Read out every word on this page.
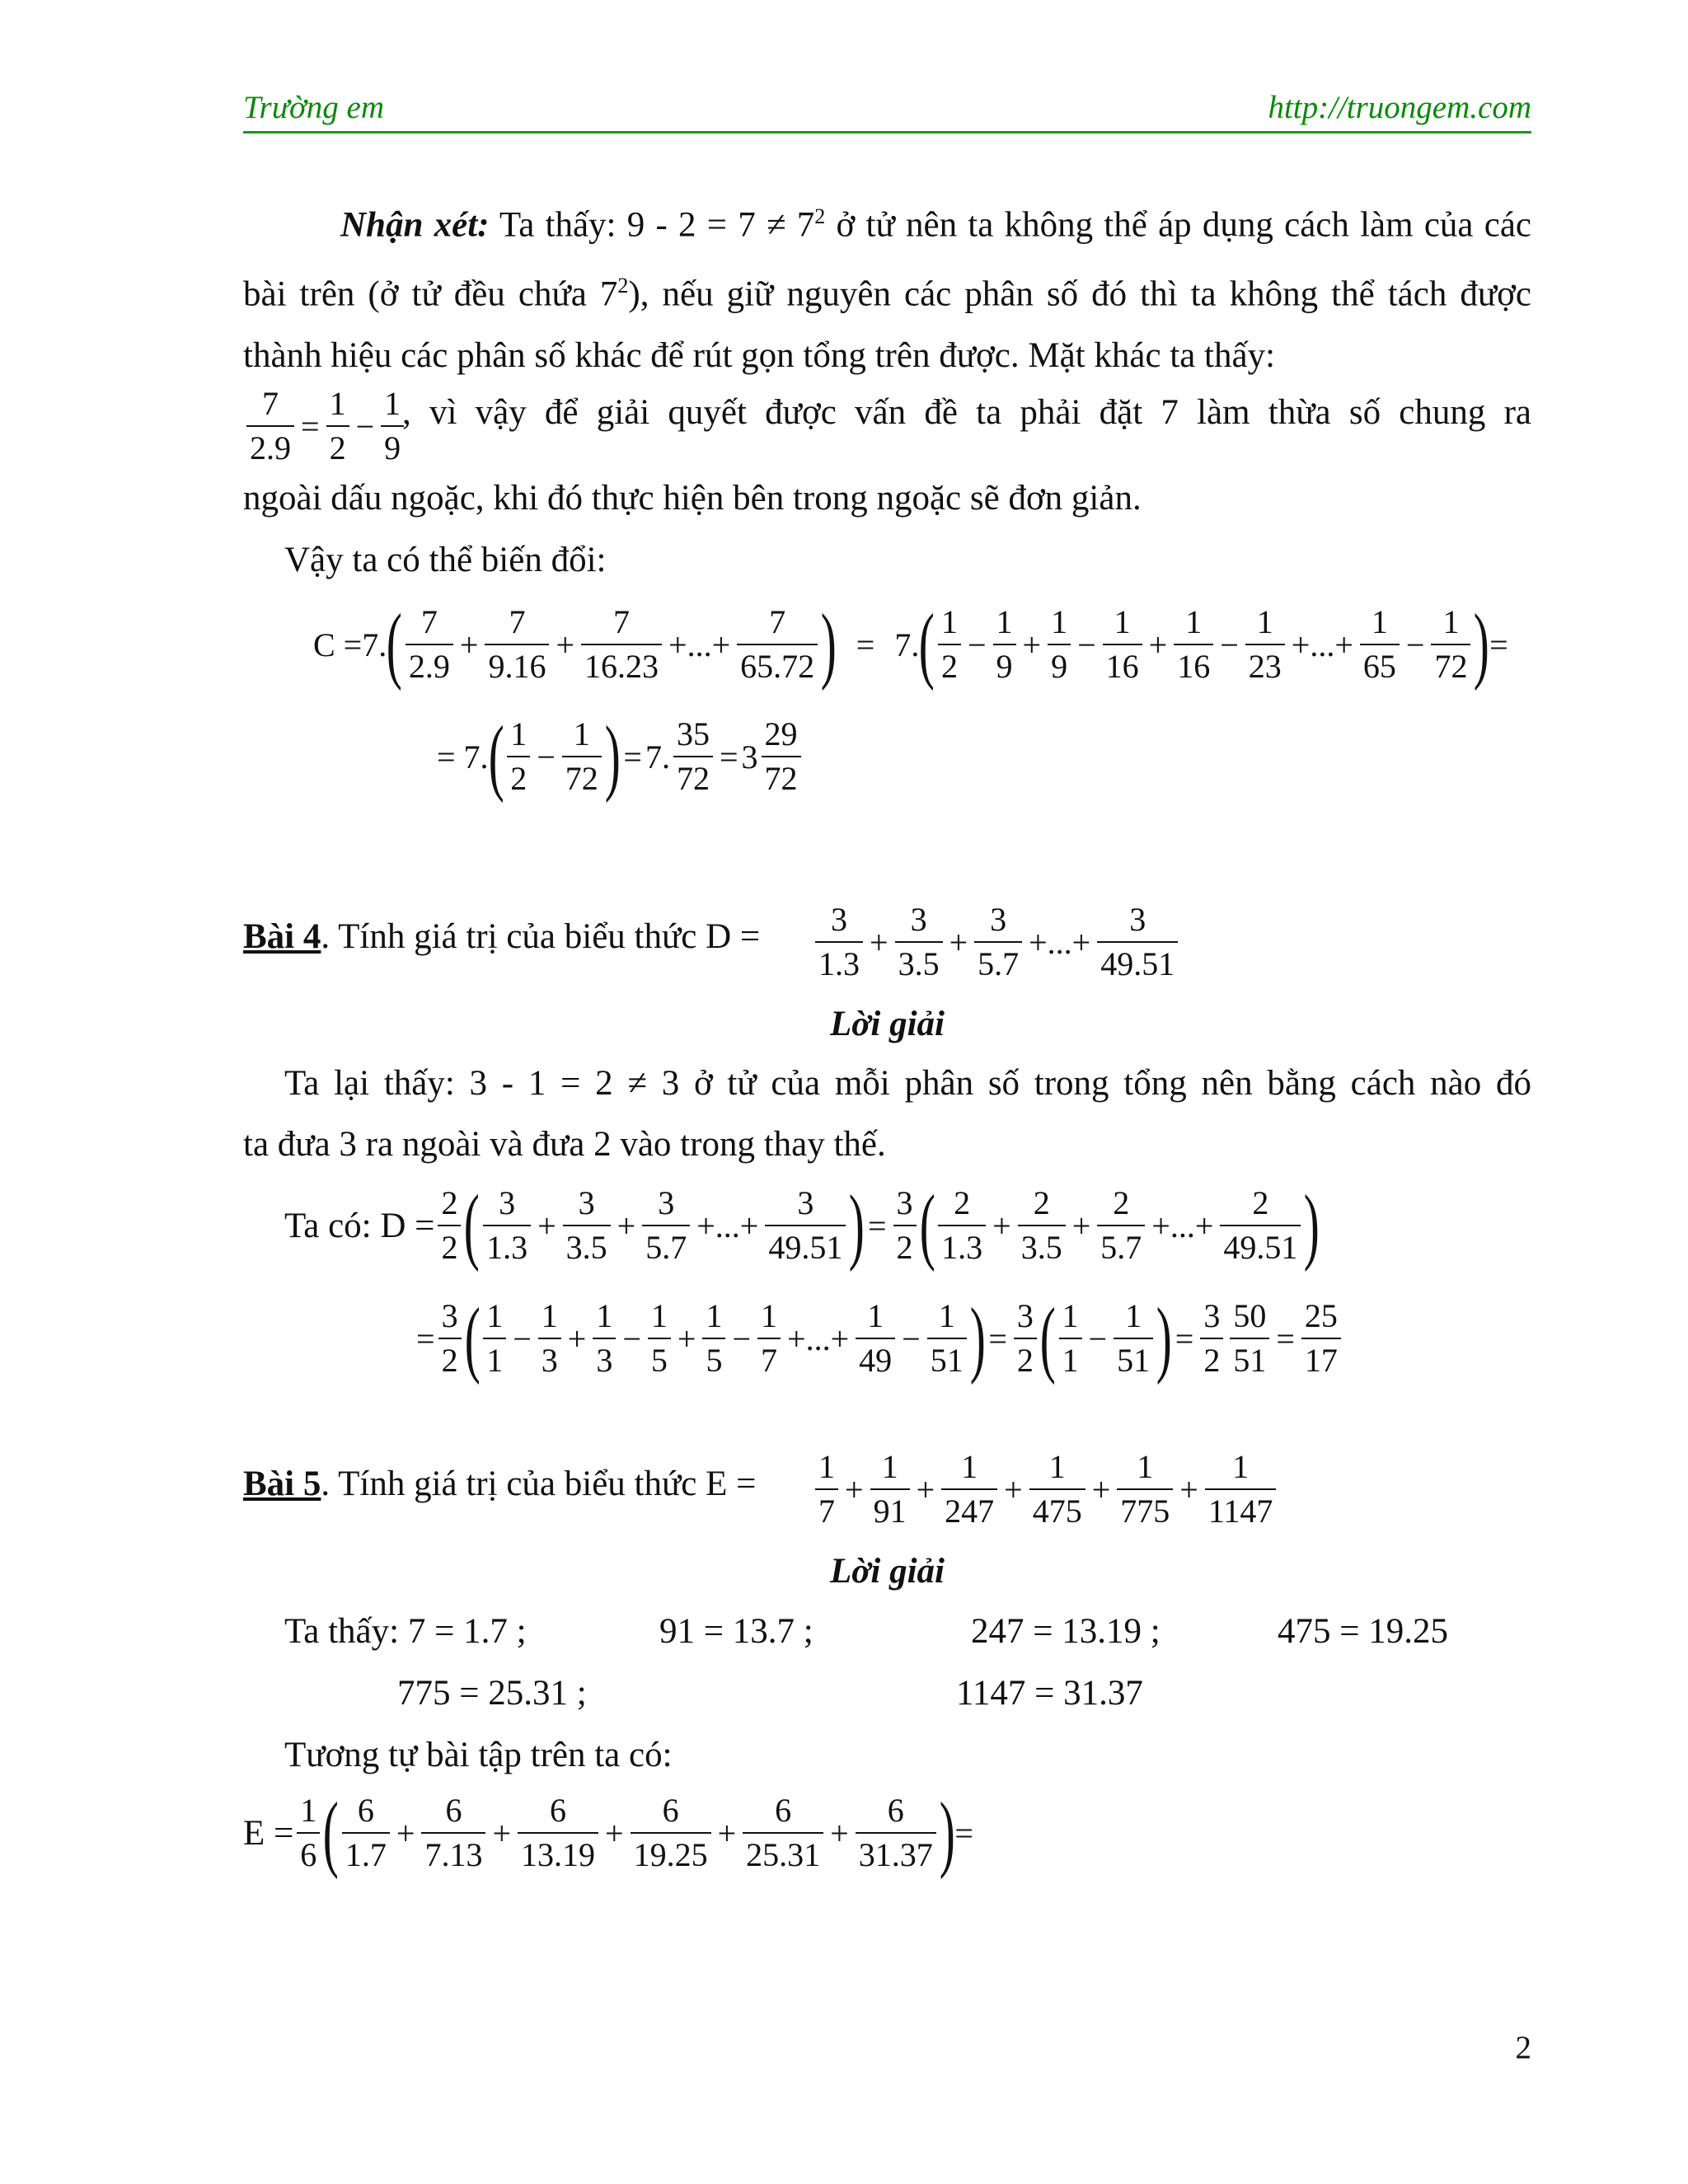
Trường em	http://truongem.com

Nhận xét: Ta thấy: $9 - 2 = 7 \ne 7^2$ ở tử nên ta không thể áp dụng cách làm của các bài trên (ở tử đều chứa $7^2$), nếu giữ nguyên các phân số đó thì ta không thể tách được thành hiệu các phân số khác để rút gọn tổng trên được. Mặt khác ta thấy:

$\frac{7}{2.9} = \frac{1}{2} - \frac{1}{9}$
, vì vậy để giải quyết được vấn đề ta phải đặt 7 làm thừa số chung ra
ngoài dấu ngoặc, khi đó thực hiện bên trong ngoặc sẽ đơn giản.
Vậy ta có thể biến đổi:
C =7. ( 7
2.9
+ $\frac{7}{9.16} + \frac{7}{16.23}$ +...+ $\frac{7}{65.72}$ ) = 7. ( 1
2
− $\frac{1}{9} + \frac{1}{9} - \frac{1}{16} + \frac{1}{16} - \frac{1}{23}$ +...+ $\frac{1}{65} - \frac{1}{72}$ ) =
= 7. ( 1
2
− $\frac{1}{72}$ ) = 7. $\frac{35}{72} = 3$
29
72
Bài 4. Tính giá trị của biểu thức D = 3
1.3
+ $\frac{3}{3.5} + \frac{3}{5.7}$ +...+ $\frac{3}{49.51}$
Lời giải
Ta lại thấy: 3 - 1 = 2 ≠ 3 ở tử của mỗi phân số trong tổng nên bằng cách nào đó
ta đưa 3 ra ngoài và đưa 2 vào trong thay thế.
Ta có: $D = \frac{2}{2}$ ( 3
1.3
+ $\frac{3}{3.5} + \frac{3}{5.7}$ +...+ $\frac{3}{49.51}$ ) = $\frac{3}{2}$ ( 2
1.3
+ $\frac{2}{3.5} + \frac{2}{5.7}$ +...+ $\frac{2}{49.51}$ )
= $\frac{3}{2}$ ( 1
1
− $\frac{1}{3} + \frac{1}{3} - \frac{1}{5} + \frac{1}{5} - \frac{1}{7}$ +...+ $\frac{1}{49} - \frac{1}{51}$ ) = $\frac{3}{2}$ ( 1
1
− $\frac{1}{51}$ ) = $\frac{3}{2} \frac{50}{51} = \frac{25}{17}$
Bài 5. Tính giá trị của biểu thức E = 1
7
+ $\frac{1}{91} + \frac{1}{247} + \frac{1}{475} + \frac{1}{775} + \frac{1}{1147}$
Lời giải
Ta thấy: 7 = 1.7 ;	91 = 13.7 ;	247 = 13.19 ;	475 = 19.25
775 = 25.31 ;	1147 = 31.37
Tương tự bài tập trên ta có:
$E = \frac{1}{6}$ ( 6
1.7
+ $\frac{6}{7.13} + \frac{6}{13.19} + \frac{6}{19.25} + \frac{6}{25.31} + \frac{6}{31.37}$ ) =
2
